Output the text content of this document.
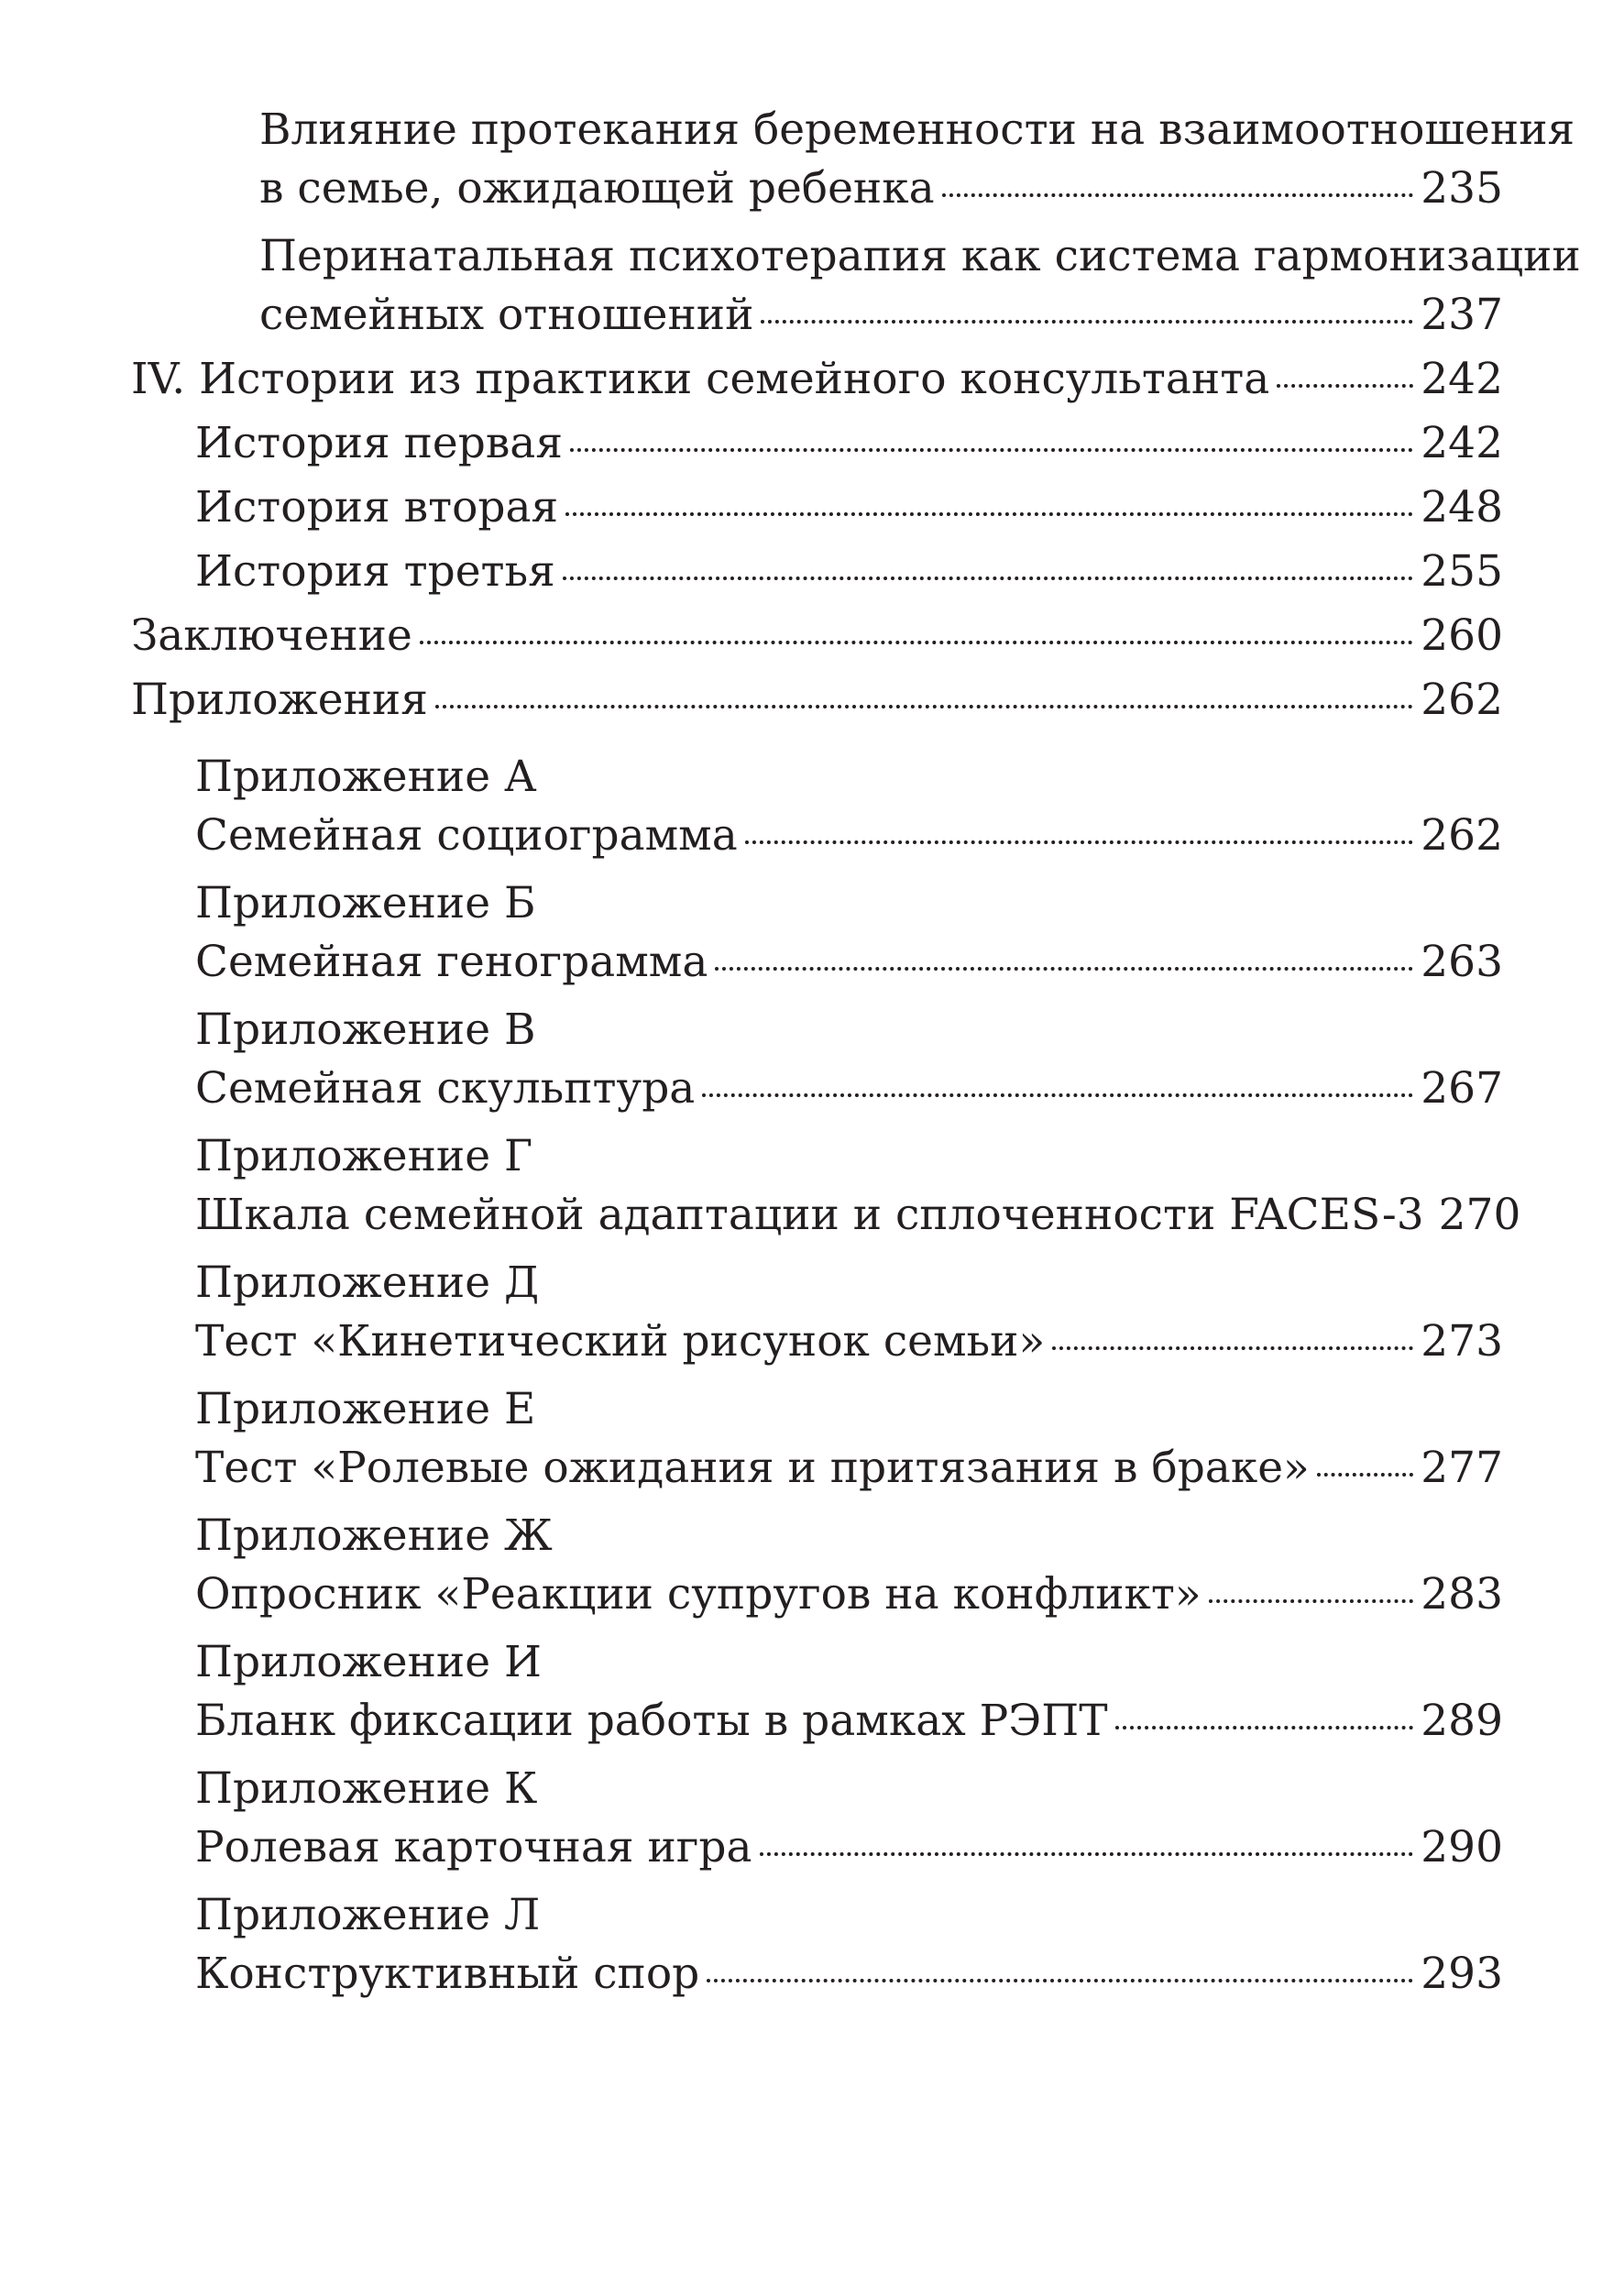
Влияние протекания беременности на взаимоотношения
в семье, ожидающей ребенка	235
Перинатальная психотерапия как система гармонизации
семейных отношений	237
IV. Истории из практики семейного консультанта	242
История первая	242
История вторая	248
История третья	255
Заключение	260
Приложения	262
Приложение А
Семейная социограмма	262
Приложение Б
Семейная генограмма	263
Приложение В
Семейная скульптура	267
Приложение Г
Шкала семейной адаптации и сплоченности FACES-3 270
Приложение Д
Тест «Кинетический рисунок семьи»	273
Приложение Е
Тест «Ролевые ожидания и притязания в браке»	277
Приложение Ж
Опросник «Реакции супругов на конфликт»	283
Приложение И
Бланк фиксации работы в рамках РЭПТ	289
Приложение К
Ролевая карточная игра	290
Приложение Л
Конструктивный спор	293
